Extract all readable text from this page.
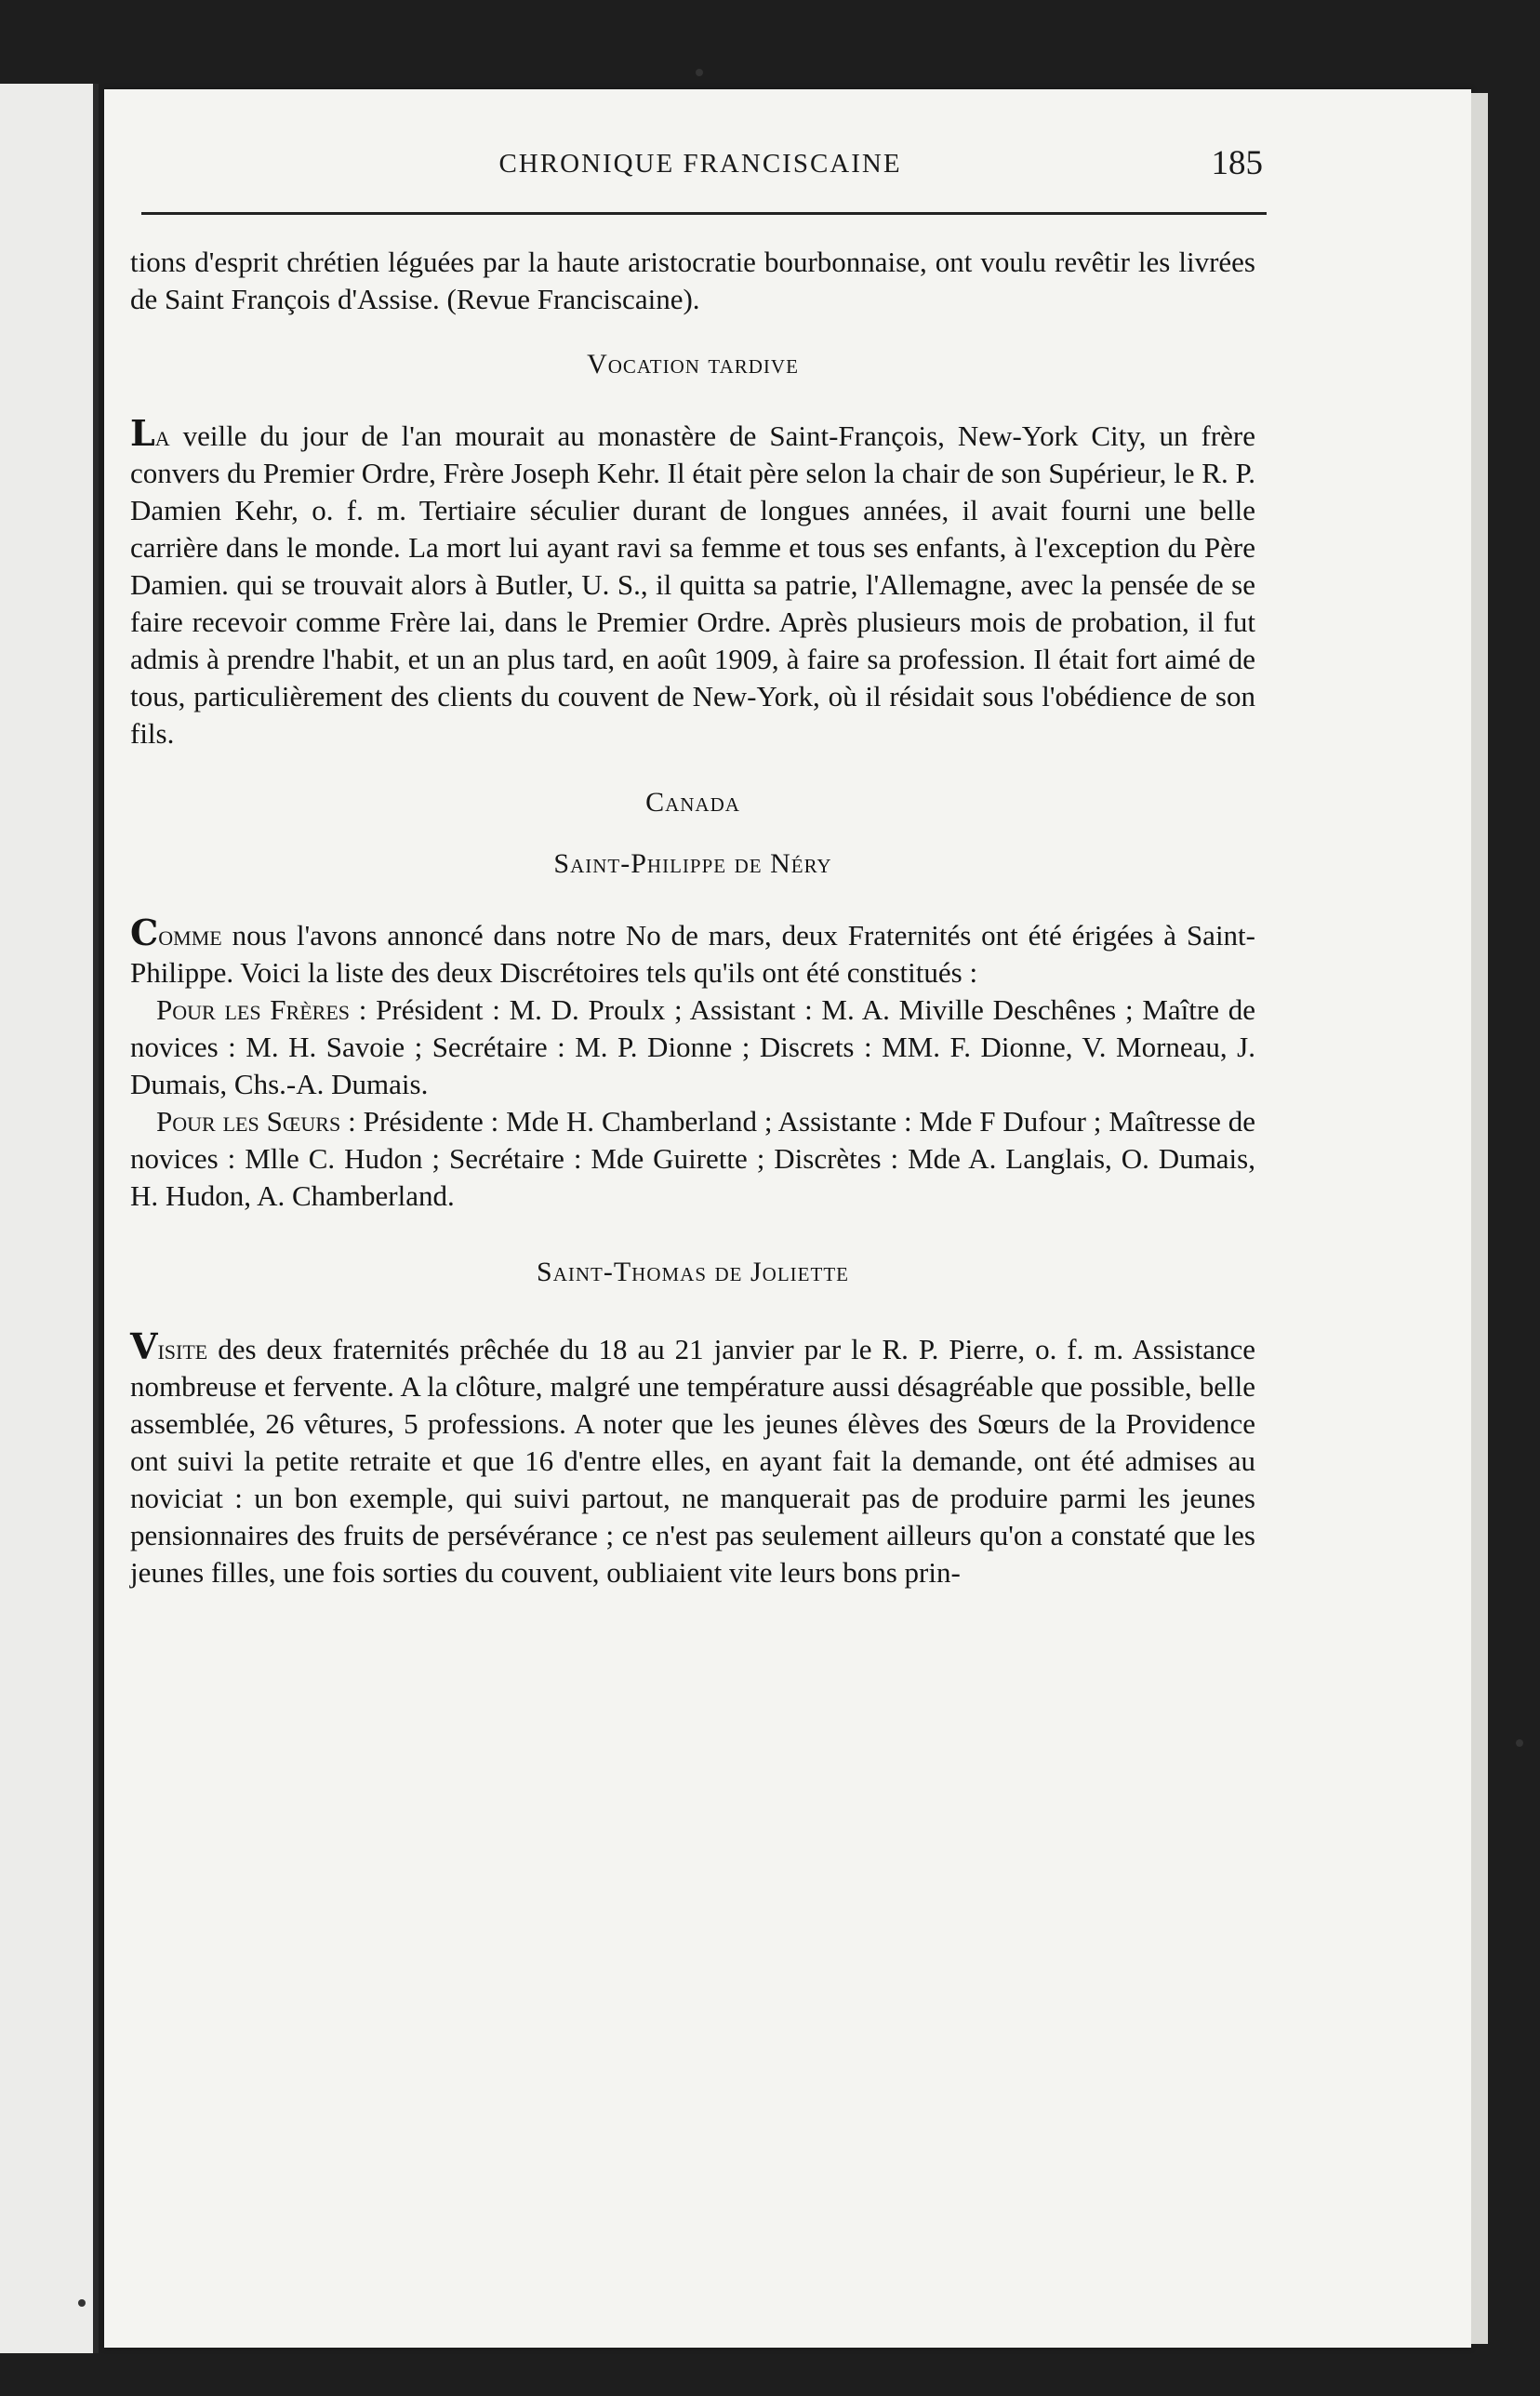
CHRONIQUE FRANCISCAINE	185

tions d'esprit chrétien léguées par la haute aristocratie bourbonnaise, ont voulu revêtir les livrées de Saint François d'Assise. (Revue Franciscaine).

Vocation tardive

La veille du jour de l'an mourait au monastère de Saint-François, New-York City, un frère convers du Premier Ordre, Frère Joseph Kehr. Il était père selon la chair de son Supérieur, le R. P. Damien Kehr, o. f. m. Tertiaire séculier durant de longues années, il avait fourni une belle carrière dans le monde. La mort lui ayant ravi sa femme et tous ses enfants, à l'exception du Père Damien. qui se trouvait alors à Butler, U. S., il quitta sa patrie, l'Allemagne, avec la pensée de se faire recevoir comme Frère lai, dans le Premier Ordre. Après plusieurs mois de probation, il fut admis à prendre l'habit, et un an plus tard, en août 1909, à faire sa profession. Il était fort aimé de tous, particulièrement des clients du couvent de New-York, où il résidait sous l'obédience de son fils.

Canada
Saint-Philippe de Néry

Comme nous l'avons annoncé dans notre No de mars, deux Fraternités ont été érigées à Saint-Philippe. Voici la liste des deux Discrétoires tels qu'ils ont été constitués :

Pour les Frères : Président : M. D. Proulx ; Assistant : M. A. Miville Deschênes ; Maître de novices : M. H. Savoie ; Secrétaire : M. P. Dionne ; Discrets : MM. F. Dionne, V. Morneau, J. Dumais, Chs.-A. Dumais.

Pour les Sœurs : Présidente : Mde H. Chamberland ; Assistante : Mde F Dufour ; Maîtresse de novices : Mlle C. Hudon ; Secrétaire : Mde Guirette ; Discrètes : Mde A. Langlais, O. Dumais, H. Hudon, A. Chamberland.

Saint-Thomas de Joliette

Visite des deux fraternités prêchée du 18 au 21 janvier par le R. P. Pierre, o. f. m. Assistance nombreuse et fervente. A la clôture, malgré une température aussi désagréable que possible, belle assemblée, 26 vêtures, 5 professions. A noter que les jeunes élèves des Sœurs de la Providence ont suivi la petite retraite et que 16 d'entre elles, en ayant fait la demande, ont été admises au noviciat : un bon exemple, qui suivi partout, ne manquerait pas de produire parmi les jeunes pensionnaires des fruits de persévérance ; ce n'est pas seulement ailleurs qu'on a constaté que les jeunes filles, une fois sorties du couvent, oubliaient vite leurs bons prin-
